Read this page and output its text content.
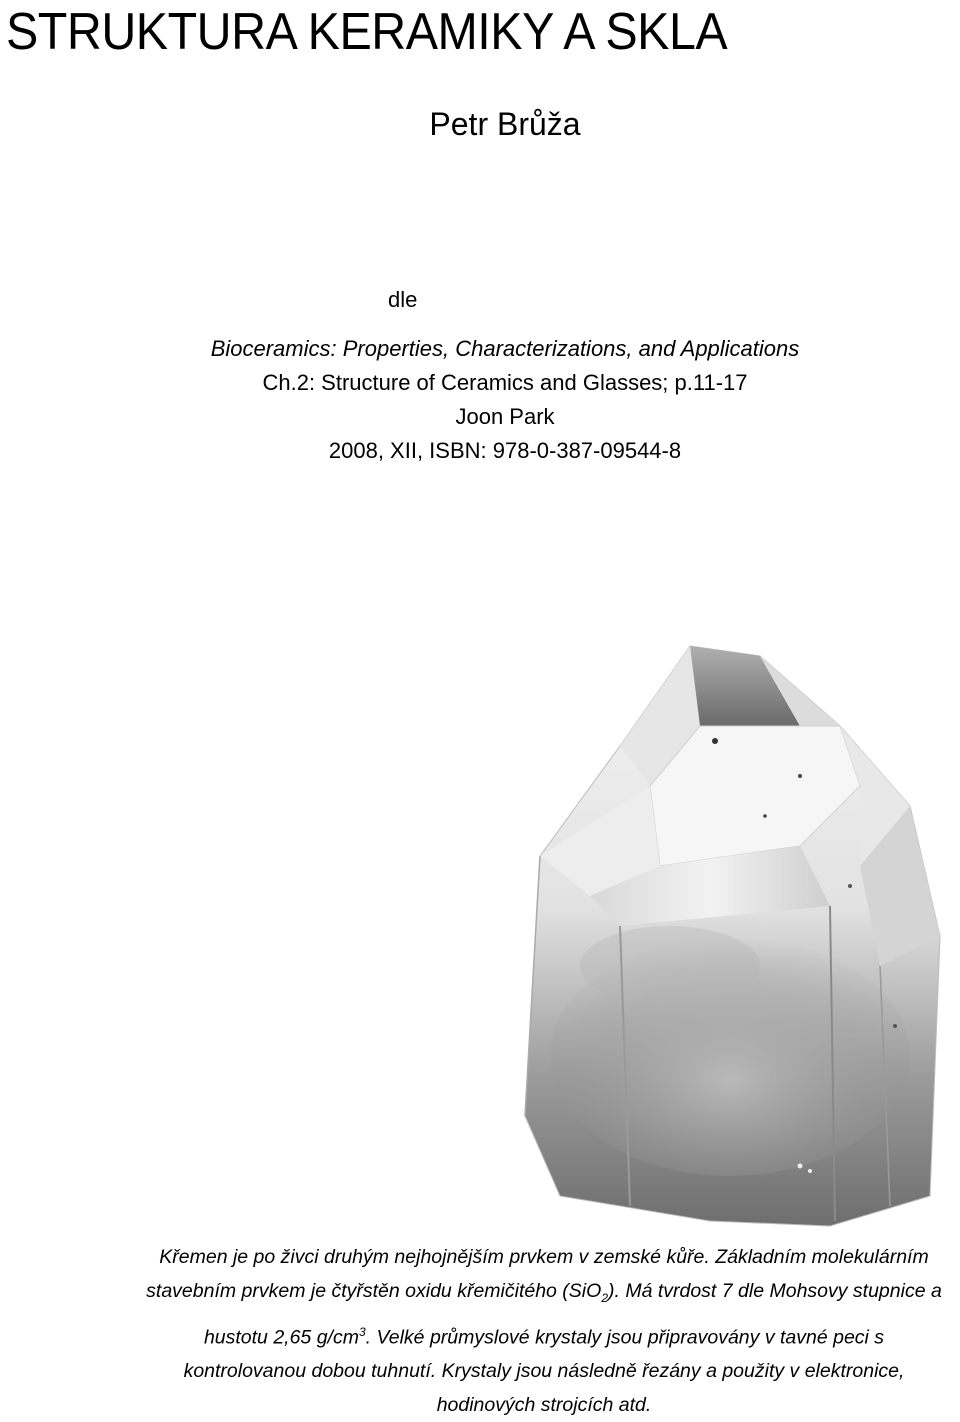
STRUKTURA KERAMIKY A SKLA
Petr Brůža
dle
Bioceramics: Properties, Characterizations, and Applications
Ch.2: Structure of Ceramics and Glasses; p.11-17
Joon Park
2008, XII, ISBN: 978-0-387-09544-8
Křemen je po živci druhým nejhojnějším prvkem v zemské kůře. Základním molekulárním stavebním prvkem je čtyřstěn oxidu křemičitého (SiO$_2$). Má tvrdost 7 dle Mohsovy stupnice a hustotu 2,65 $g/cm^3$. Velké průmyslové krystaly jsou připravovány v tavné peci s kontrolovanou dobou tuhnutí. Krystaly jsou následně řezány a použity v elektronice, hodinových strojcích atd.
